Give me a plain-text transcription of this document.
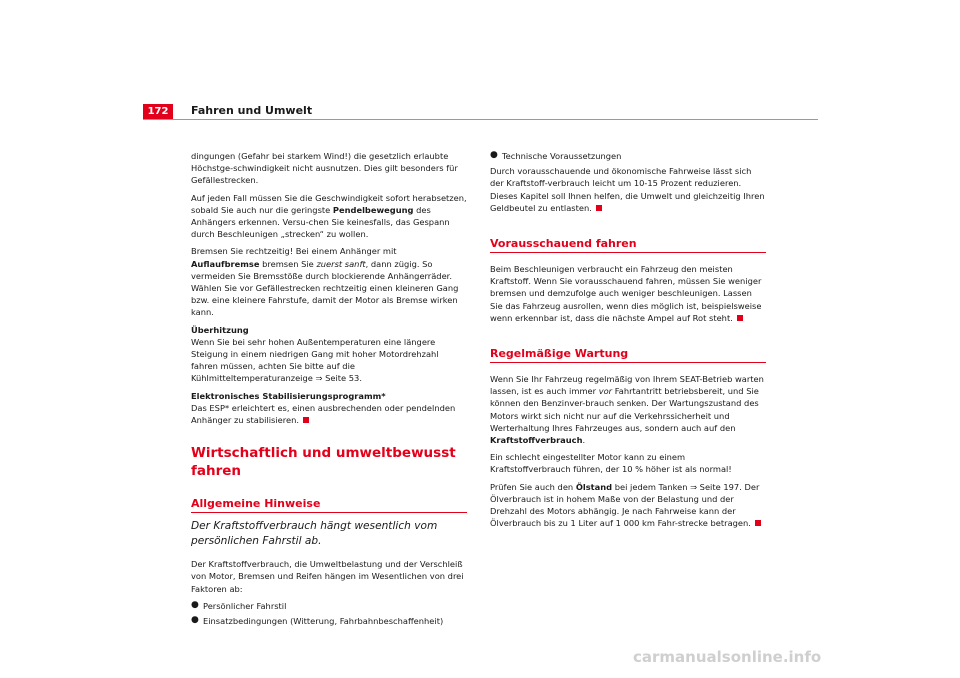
172	Fahren und Umwelt

dingungen (Gefahr bei starkem Wind!) die gesetzlich erlaubte Höchstge-schwindigkeit nicht ausnutzen. Dies gilt besonders für Gefällestrecken.

Auf jeden Fall müssen Sie die Geschwindigkeit sofort herabsetzen, sobald Sie auch nur die geringste Pendelbewegung des Anhängers erkennen. Versu-chen Sie keinesfalls, das Gespann durch Beschleunigen „strecken“ zu wollen.

Bremsen Sie rechtzeitig! Bei einem Anhänger mit Auflaufbremse bremsen Sie zuerst sanft, dann zügig. So vermeiden Sie Bremsstöße durch blockierende Anhängerräder. Wählen Sie vor Gefällestrecken rechtzeitig einen kleineren Gang bzw. eine kleinere Fahrstufe, damit der Motor als Bremse wirken kann.

Überhitzung

Wenn Sie bei sehr hohen Außentemperaturen eine längere Steigung in einem niedrigen Gang mit hoher Motordrehzahl fahren müssen, achten Sie bitte auf die Kühlmitteltemperaturanzeige ⇒ Seite 53.

Elektronisches Stabilisierungsprogramm*

Das ESP* erleichtert es, einen ausbrechenden oder pendelnden Anhänger zu stabilisieren.

Wirtschaftlich und umweltbewusst fahren
Allgemeine Hinweise
Der Kraftstoffverbrauch hängt wesentlich vom persönlichen Fahrstil ab.

Der Kraftstoffverbrauch, die Umweltbelastung und der Verschleiß von Motor, Bremsen und Reifen hängen im Wesentlichen von drei Faktoren ab:

● Persönlicher Fahrstil
● Einsatzbedingungen (Witterung, Fahrbahnbeschaffenheit)
● Technische Voraussetzungen

Durch vorausschauende und ökonomische Fahrweise lässt sich der Kraftstoff-verbrauch leicht um 10-15 Prozent reduzieren. Dieses Kapitel soll Ihnen helfen, die Umwelt und gleichzeitig Ihren Geldbeutel zu entlasten.

Vorausschauend fahren

Beim Beschleunigen verbraucht ein Fahrzeug den meisten Kraftstoff. Wenn Sie vorausschauend fahren, müssen Sie weniger bremsen und demzufolge auch weniger beschleunigen. Lassen Sie das Fahrzeug ausrollen, wenn dies möglich ist, beispielsweise wenn erkennbar ist, dass die nächste Ampel auf Rot steht.

Regelmäßige Wartung

Wenn Sie Ihr Fahrzeug regelmäßig von Ihrem SEAT-Betrieb warten lassen, ist es auch immer vor Fahrtantritt betriebsbereit, und Sie können den Benzinver-brauch senken. Der Wartungszustand des Motors wirkt sich nicht nur auf die Verkehrssicherheit und Werterhaltung Ihres Fahrzeuges aus, sondern auch auf den Kraftstoffverbrauch.

Ein schlecht eingestellter Motor kann zu einem Kraftstoffverbrauch führen, der 10 % höher ist als normal!

Prüfen Sie auch den Ölstand bei jedem Tanken ⇒ Seite 197. Der Ölverbrauch ist in hohem Maße von der Belastung und der Drehzahl des Motors abhängig. Je nach Fahrweise kann der Ölverbrauch bis zu 1 Liter auf 1 000 km Fahr-strecke betragen.

carmanualsonline.info
